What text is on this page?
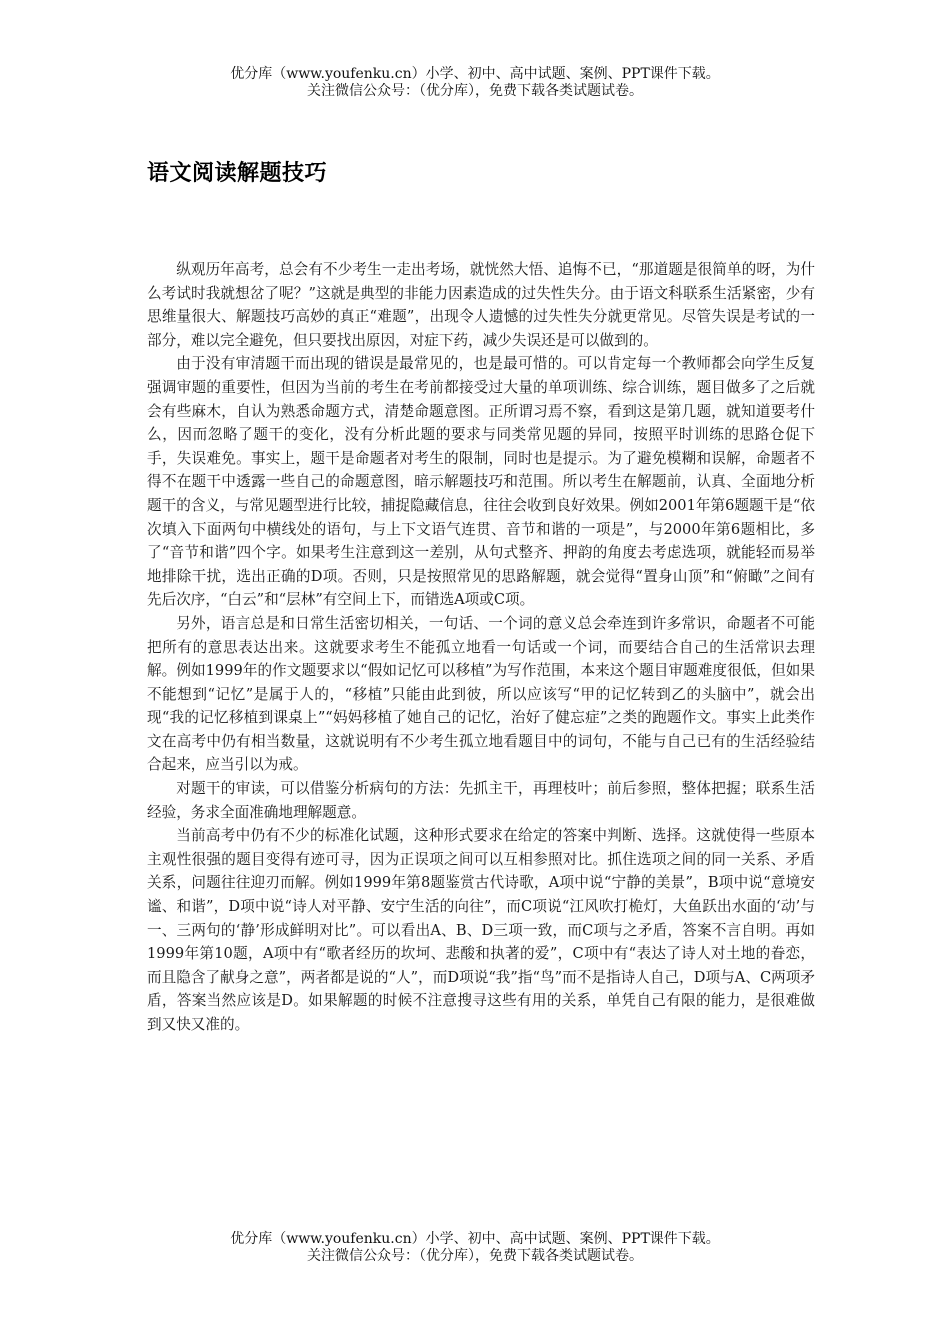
优分库（www.youfenku.cn）小学、初中、高中试题、案例、PPT课件下载。
关注微信公众号：（优分库），免费下载各类试题试卷。
语文阅读解题技巧

纵观历年高考，总会有不少考生一走出考场，就恍然大悟、追悔不已，“那道题是很简单的呀，为什么考试时我就想岔了呢？”这就是典型的非能力因素造成的过失性失分。由于语文科联系生活紧密，少有思维量很大、解题技巧高妙的真正“难题”，出现令人遗憾的过失性失分就更常见。尽管失误是考试的一部分，难以完全避免，但只要找出原因，对症下药，减少失误还是可以做到的。

由于没有审清题干而出现的错误是最常见的，也是最可惜的。可以肯定每一个教师都会向学生反复强调审题的重要性，但因为当前的考生在考前都接受过大量的单项训练、综合训练，题目做多了之后就会有些麻木，自认为熟悉命题方式，清楚命题意图。正所谓习焉不察，看到这是第几题，就知道要考什么，因而忽略了题干的变化，没有分析此题的要求与同类常见题的异同，按照平时训练的思路仓促下手，失误难免。事实上，题干是命题者对考生的限制，同时也是提示。为了避免模糊和误解，命题者不得不在题干中透露一些自己的命题意图，暗示解题技巧和范围。所以考生在解题前，认真、全面地分析题干的含义，与常见题型进行比较，捕捉隐藏信息，往往会收到良好效果。例如2001年第6题题干是“依次填入下面两句中横线处的语句，与上下文语气连贯、音节和谐的一项是”，与2000年第6题相比，多了“音节和谐”四个字。如果考生注意到这一差别，从句式整齐、押韵的角度去考虑选项，就能轻而易举地排除干扰，选出正确的D项。否则，只是按照常见的思路解题，就会觉得“置身山顶”和“俯瞰”之间有先后次序，“白云”和“层林”有空间上下，而错选A项或C项。

另外，语言总是和日常生活密切相关，一句话、一个词的意义总会牵连到许多常识，命题者不可能把所有的意思表达出来。这就要求考生不能孤立地看一句话或一个词，而要结合自己的生活常识去理解。例如1999年的作文题要求以“假如记忆可以移植”为写作范围，本来这个题目审题难度很低，但如果不能想到“记忆”是属于人的，“移植”只能由此到彼，所以应该写“甲的记忆转到乙的头脑中”，就会出现“我的记忆移植到课桌上”“妈妈移植了她自己的记忆，治好了健忘症”之类的跑题作文。事实上此类作文在高考中仍有相当数量，这就说明有不少考生孤立地看题目中的词句，不能与自己已有的生活经验结合起来，应当引以为戒。

对题干的审读，可以借鉴分析病句的方法：先抓主干，再理枝叶；前后参照，整体把握；联系生活经验，务求全面准确地理解题意。

当前高考中仍有不少的标准化试题，这种形式要求在给定的答案中判断、选择。这就使得一些原本主观性很强的题目变得有迹可寻，因为正误项之间可以互相参照对比。抓住选项之间的同一关系、矛盾关系，问题往往迎刃而解。例如1999年第8题鉴赏古代诗歌，A项中说“宁静的美景”，B项中说“意境安谧、和谐”，D项中说“诗人对平静、安宁生活的向往”，而C项说“江风吹打桅灯，大鱼跃出水面的‘动’与一、三两句的‘静’形成鲜明对比”。可以看出A、B、D三项一致，而C项与之矛盾，答案不言自明。再如1999年第10题，A项中有“歌者经历的坎坷、悲酸和执著的爱”，C项中有“表达了诗人对土地的眷恋，而且隐含了献身之意”，两者都是说的“人”，而D项说“我”指“鸟”而不是指诗人自己，D项与A、C两项矛盾，答案当然应该是D。如果解题的时候不注意搜寻这些有用的关系，单凭自己有限的能力，是很难做到又快又准的。

优分库（www.youfenku.cn）小学、初中、高中试题、案例、PPT课件下载。
关注微信公众号：（优分库），免费下载各类试题试卷。
